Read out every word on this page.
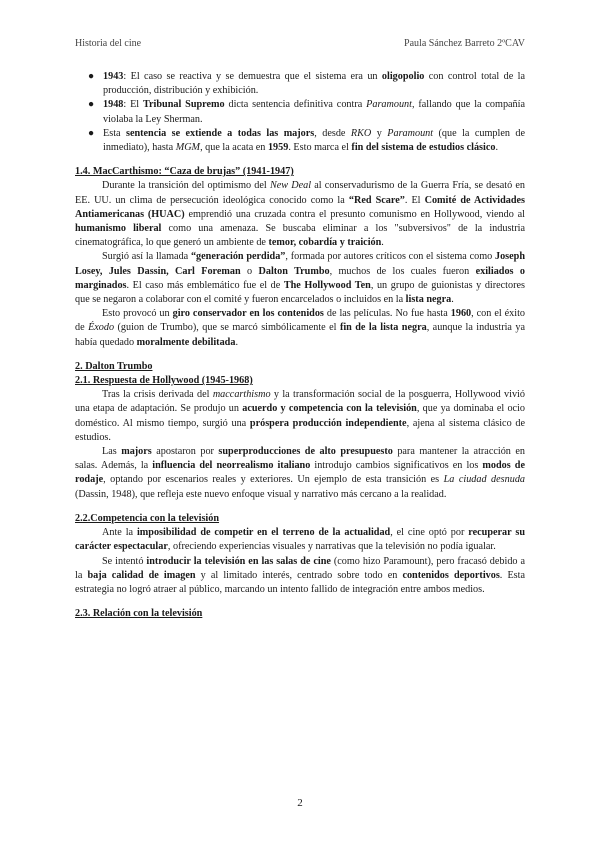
Historia del cine	Paula Sánchez Barreto 2ºCAV
● 1943: El caso se reactiva y se demuestra que el sistema era un oligopolio con control total de la producción, distribución y exhibición.
● 1948: El Tribunal Supremo dicta sentencia definitiva contra Paramount, fallando que la compañía violaba la Ley Sherman.
● Esta sentencia se extiende a todas las majors, desde RKO y Paramount (que la cumplen de inmediato), hasta MGM, que la acata en 1959. Esto marca el fin del sistema de estudios clásico.
1.4. MacCarthismo: “Caza de brujas” (1941-1947)

Durante la transición del optimismo del New Deal al conservadurismo de la Guerra Fría, se desató en EE. UU. un clima de persecución ideológica conocido como la “Red Scare”. El Comité de Actividades Antiamericanas (HUAC) emprendió una cruzada contra el presunto comunismo en Hollywood, viendo al humanismo liberal como una amenaza. Se buscaba eliminar a los "subversivos" de la industria cinematográfica, lo que generó un ambiente de temor, cobardía y traición.

Surgió así la llamada “generación perdida”, formada por autores críticos con el sistema como Joseph Losey, Jules Dassin, Carl Foreman o Dalton Trumbo, muchos de los cuales fueron exiliados o marginados. El caso más emblemático fue el de The Hollywood Ten, un grupo de guionistas y directores que se negaron a colaborar con el comité y fueron encarcelados o incluidos en la lista negra.

Esto provocó un giro conservador en los contenidos de las películas. No fue hasta 1960, con el éxito de Éxodo (guion de Trumbo), que se marcó simbólicamente el fin de la lista negra, aunque la industria ya había quedado moralmente debilitada.

2. Dalton Trumbo
2.1. Respuesta de Hollywood (1945-1968)

Tras la crisis derivada del maccarthismo y la transformación social de la posguerra, Hollywood vivió una etapa de adaptación. Se produjo un acuerdo y competencia con la televisión, que ya dominaba el ocio doméstico. Al mismo tiempo, surgió una próspera producción independiente, ajena al sistema clásico de estudios.

Las majors apostaron por superproducciones de alto presupuesto para mantener la atracción en salas. Además, la influencia del neorrealismo italiano introdujo cambios significativos en los modos de rodaje, optando por escenarios reales y exteriores. Un ejemplo de esta transición es La ciudad desnuda (Dassin, 1948), que refleja este nuevo enfoque visual y narrativo más cercano a la realidad.

2.2.Competencia con la televisión

Ante la imposibilidad de competir en el terreno de la actualidad, el cine optó por recuperar su carácter espectacular, ofreciendo experiencias visuales y narrativas que la televisión no podía igualar.

Se intentó introducir la televisión en las salas de cine (como hizo Paramount), pero fracasó debido a la baja calidad de imagen y al limitado interés, centrado sobre todo en contenidos deportivos. Esta estrategia no logró atraer al público, marcando un intento fallido de integración entre ambos medios.

2.3. Relación con la televisión
2
